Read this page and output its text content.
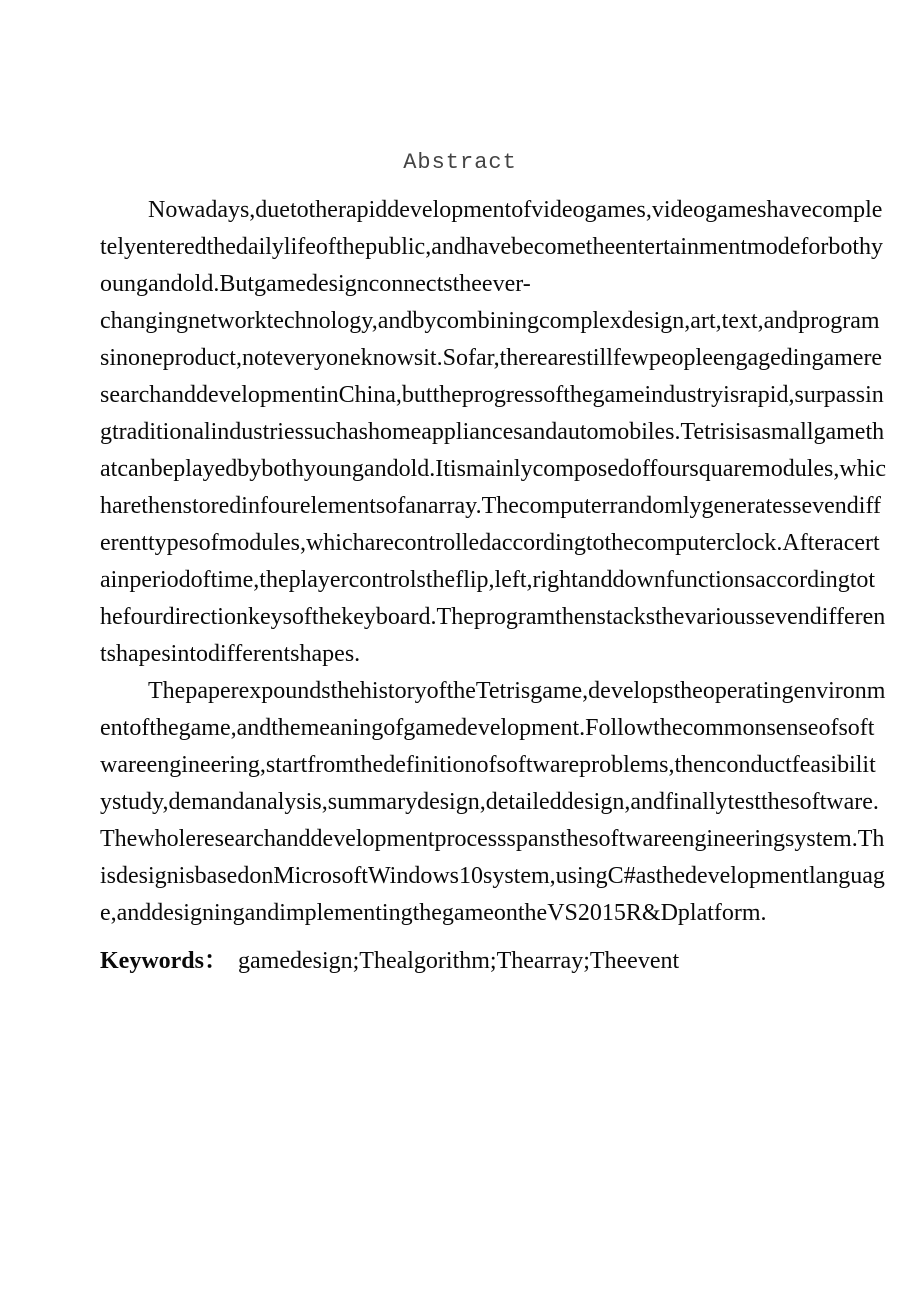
Abstract
Nowadays,duetotherapiddevelopmentofvideogames,videogameshavecomple
telyenteredthedailylifeofthepublic,andhavebecometheentertainmentmodeforbothy
oungandold.Butgamedesignconnectstheever-
changingnetworktechnology,andbycombiningcomplexdesign,art,text,andprogram
sinoneproduct,noteveryoneknowsit.Sofar,therearestillfewpeopleengagedingamere
searchanddevelopmentinChina,buttheprogressofthegameindustryisrapid,surpassin
gtraditionalindustriessuchashomeappliancesandautomobiles.Tetrisisasmallgameth
atcanbeplayedbybothyoungandold.Itismainlycomposedoffoursquaremodules,whic
harethenstoredinfourelementsofanarray.Thecomputerrandomlygeneratessevendiff
erenttypesofmodules,whicharecontrolledaccordingtothecomputerclock.Afteracert
ainperiodoftime,theplayercontrolstheflip,left,rightanddownfunctionsaccordingtot
hefourdirectionkeysofthekeyboard.Theprogramthenstacksthevarioussevendifferen
tshapesintodifferentshapes.
ThepaperexpoundsthehistoryoftheTetrisgame,developstheoperatingenvironm
entofthegame,andthemeaningofgamedevelopment.Followthecommonsenseofsoft
wareengineering,startfromthedefinitionofsoftwareproblems,thenconductfeasibilit
ystudy,demandanalysis,summarydesign,detaileddesign,andfinallytestthesoftware.
Thewholeresearchanddevelopmentprocessspansthesoftwareengineeringsystem.Th
isdesignisbasedonMicrosoftWindows10system,usingC#asthedevelopmentlanguag
e,anddesigningandimplementingthegameontheVS2015R&Dplatform.
Keywords： gamedesign;Thealgorithm;Thearray;Theevent
